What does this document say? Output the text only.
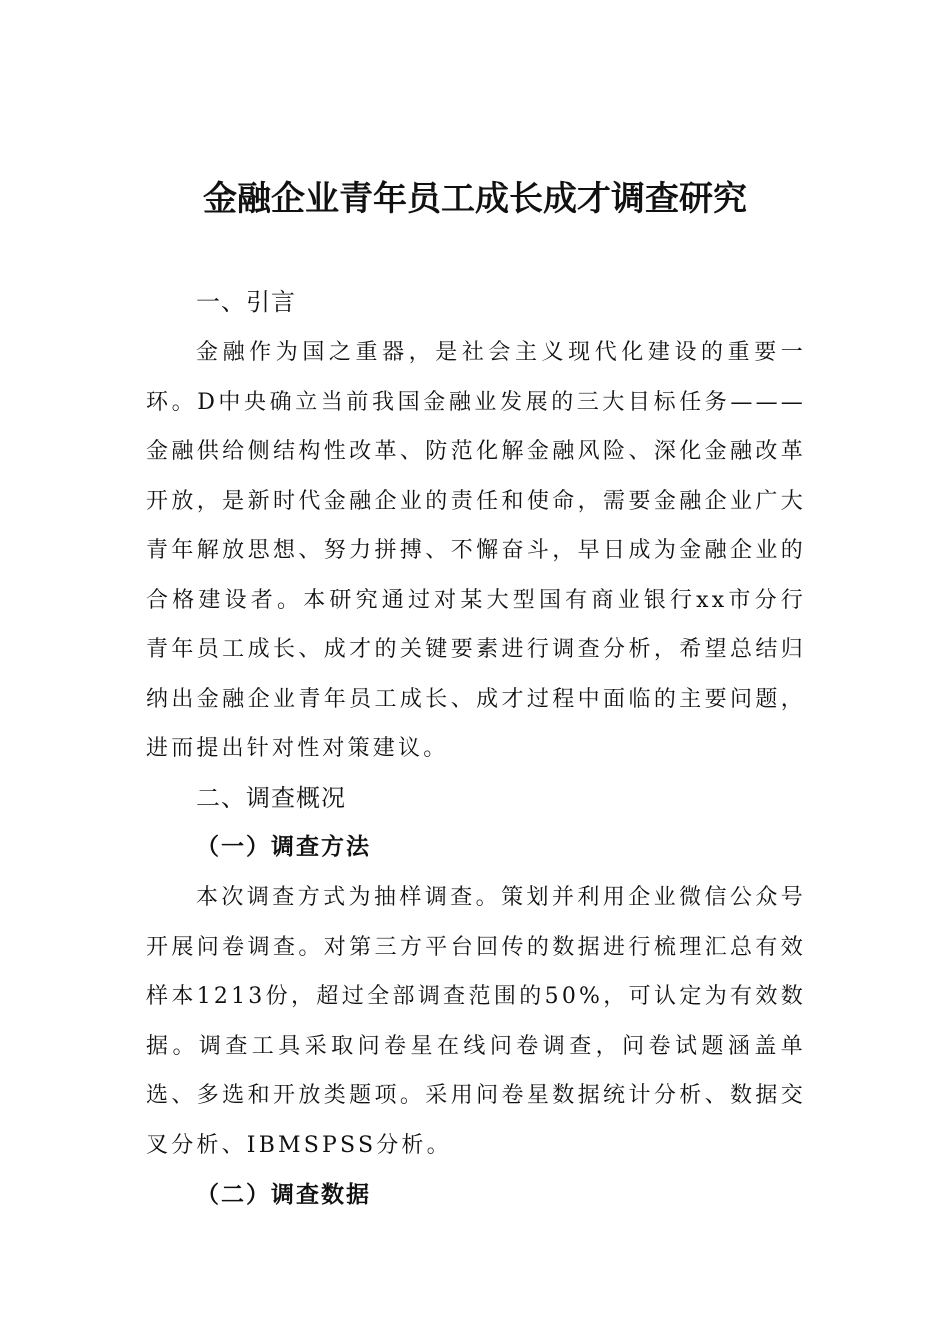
金融企业青年员工成长成才调查研究
一、引言

金融作为国之重器，是社会主义现代化建设的重要一环。D中央确立当前我国金融业发展的三大目标任务———金融供给侧结构性改革、防范化解金融风险、深化金融改革开放，是新时代金融企业的责任和使命，需要金融企业广大青年解放思想、努力拼搏、不懈奋斗，早日成为金融企业的合格建设者。本研究通过对某大型国有商业银行xx市分行青年员工成长、成才的关键要素进行调查分析，希望总结归纳出金融企业青年员工成长、成才过程中面临的主要问题，进而提出针对性对策建议。

二、调查概况
（一）调查方法

本次调查方式为抽样调查。策划并利用企业微信公众号开展问卷调查。对第三方平台回传的数据进行梳理汇总有效样本1213份，超过全部调查范围的50%，可认定为有效数据。调查工具采取问卷星在线问卷调查，问卷试题涵盖单选、多选和开放类题项。采用问卷星数据统计分析、数据交叉分析、IBMSPSS分析。

（二）调查数据
